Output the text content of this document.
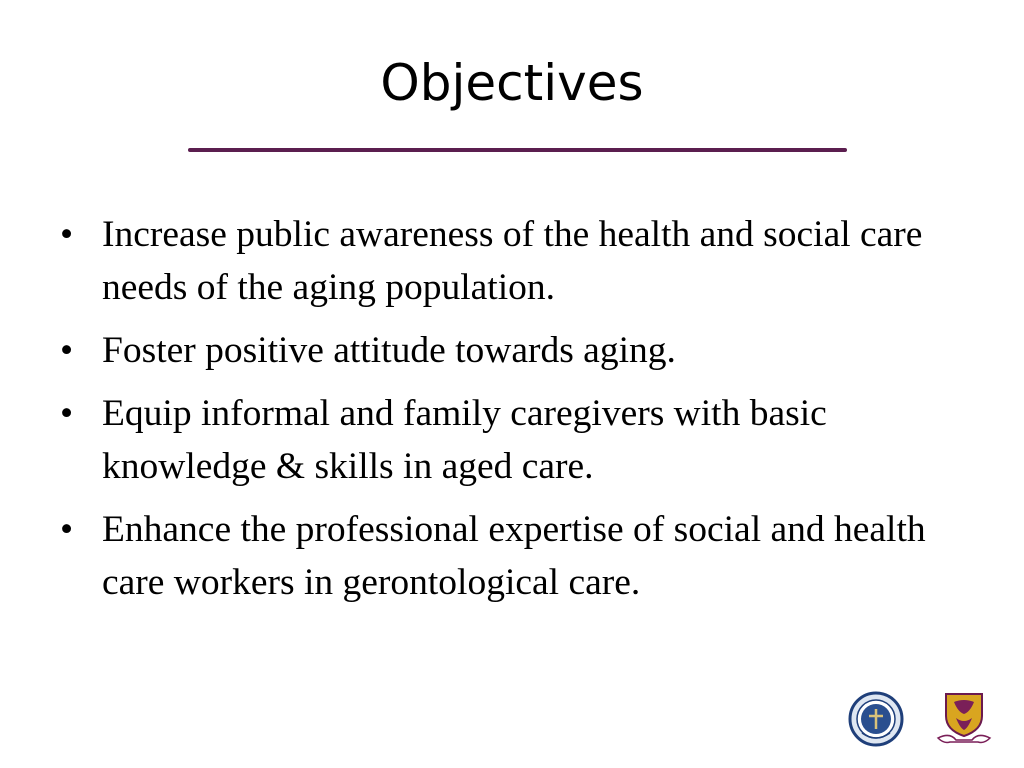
Objectives
• Increase public awareness of the health and social care needs of the aging population.
• Foster positive attitude towards aging.
• Equip informal and family caregivers with basic knowledge & skills in aged care.
• Enhance the professional expertise of social and health care workers in gerontological care.
